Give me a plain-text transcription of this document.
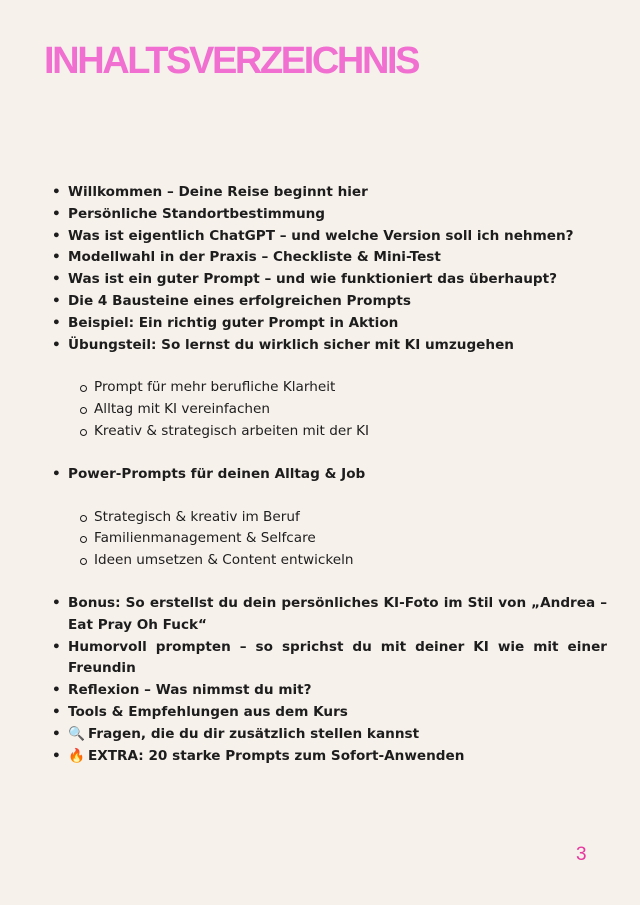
INHALTSVERZEICHNIS
• Willkommen – Deine Reise beginnt hier
• Persönliche Standortbestimmung
• Was ist eigentlich ChatGPT – und welche Version soll ich nehmen?
• Modellwahl in der Praxis – Checkliste & Mini-Test
• Was ist ein guter Prompt – und wie funktioniert das überhaupt?
• Die 4 Bausteine eines erfolgreichen Prompts
• Beispiel: Ein richtig guter Prompt in Aktion
• Übungsteil: So lernst du wirklich sicher mit KI umzugehen
Prompt für mehr berufliche Klarheit
Alltag mit KI vereinfachen
Kreativ & strategisch arbeiten mit der KI
• Power-Prompts für deinen Alltag & Job
Strategisch & kreativ im Beruf
Familienmanagement & Selfcare
Ideen umsetzen & Content entwickeln
• Bonus: So erstellst du dein persönliches KI-Foto im Stil von „Andrea – Eat Pray Oh Fuck“
• Humorvoll prompten – so sprichst du mit deiner KI wie mit einer Freundin
• Reflexion – Was nimmst du mit?
• Tools & Empfehlungen aus dem Kurs
• 🔍 Fragen, die du dir zusätzlich stellen kannst
• 🔥 EXTRA: 20 starke Prompts zum Sofort-Anwenden
3
